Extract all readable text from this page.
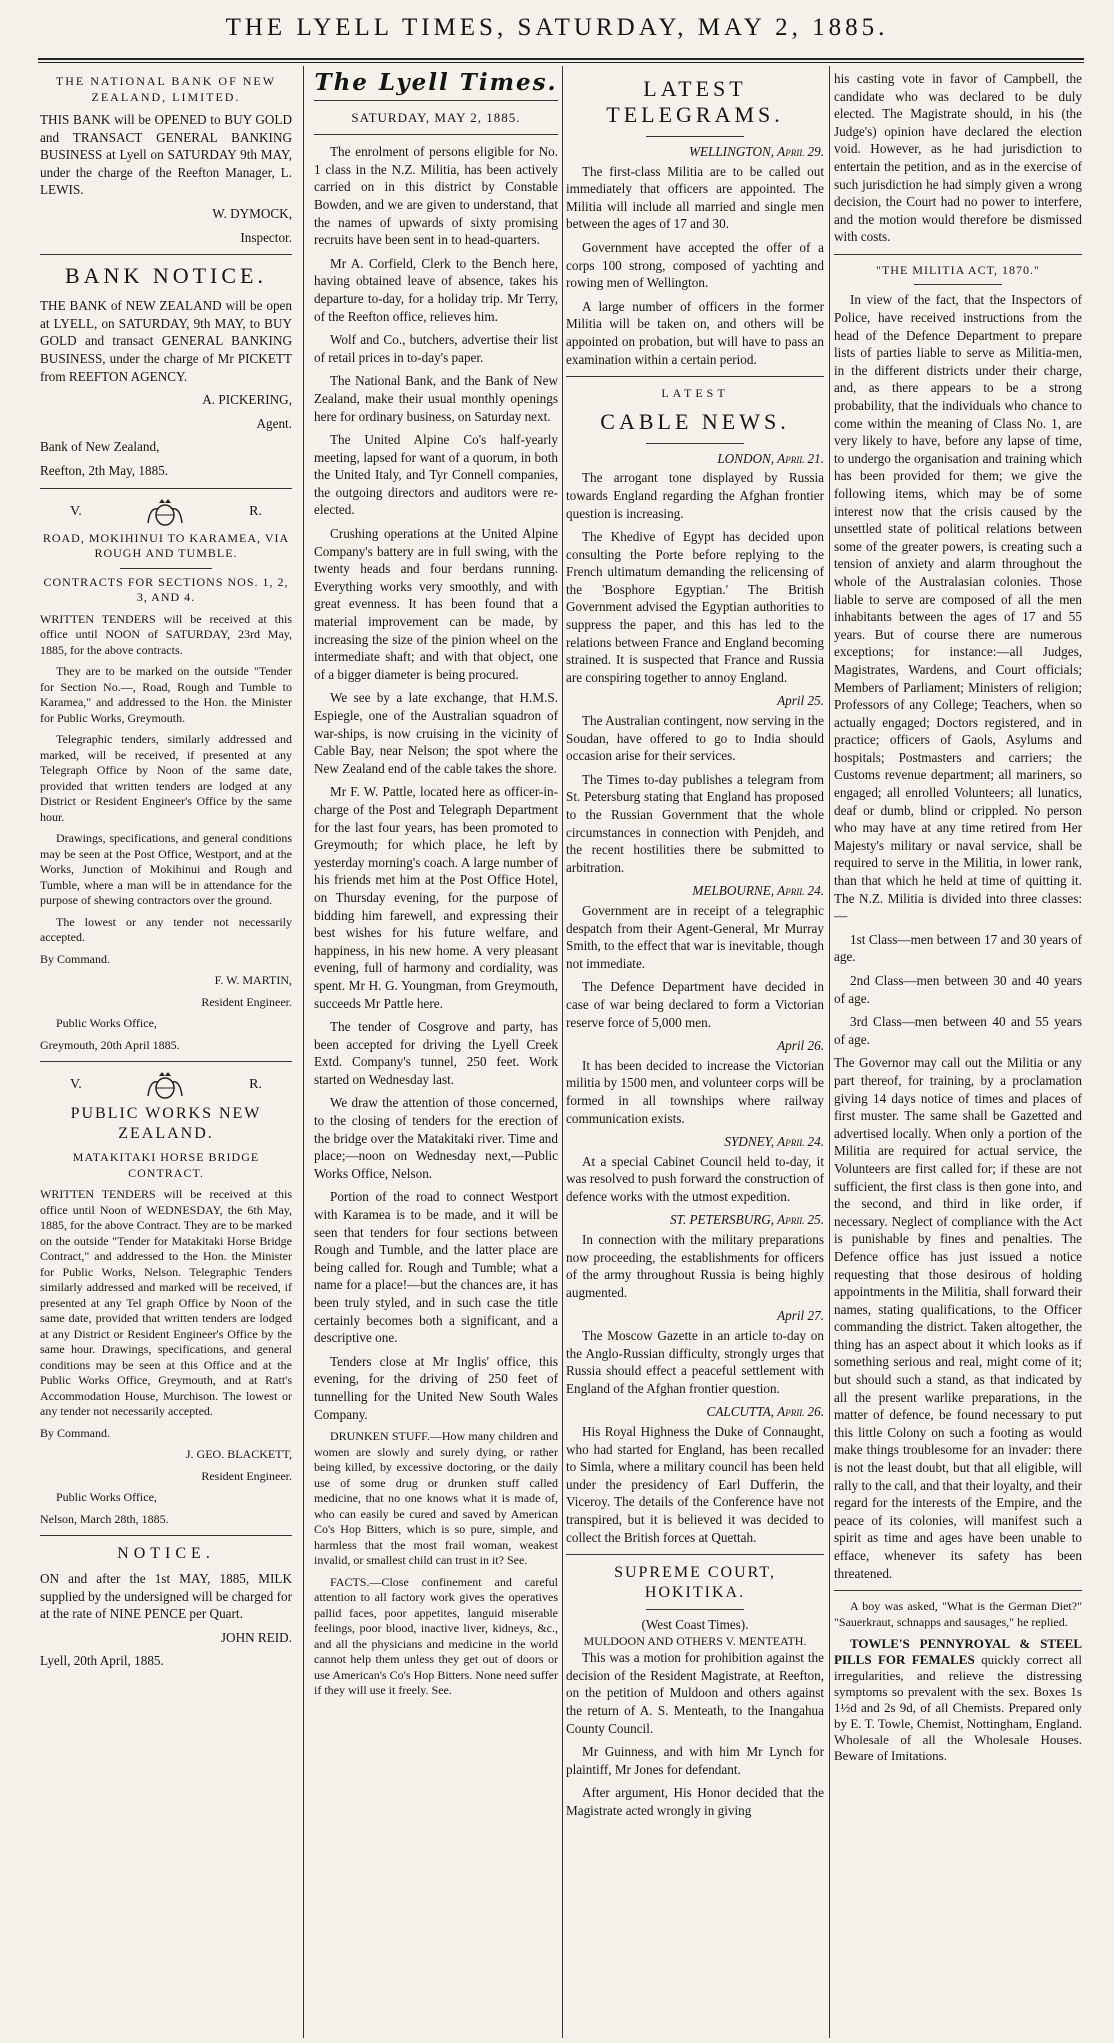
THE LYELL TIMES, SATURDAY, MAY 2, 1885.
THE NATIONAL BANK OF NEW ZEALAND, LIMITED.

THIS BANK will be OPENED to BUY GOLD and TRANSACT GENERAL BANKING BUSINESS at Lyell on SATURDAY 9th MAY, under the charge of the Reefton Manager, L. LEWIS.

W. DYMOCK,

Inspector.

BANK NOTICE.

THE BANK of NEW ZEALAND will be open at LYELL, on SATURDAY, 9th MAY, to BUY GOLD and transact GENERAL BANKING BUSINESS, under the charge of Mr PICKETT from REEFTON AGENCY.

A. PICKERING,

Agent.

Bank of New Zealand,

Reefton, 2th May, 1885.

V.	R.
ROAD, MOKIHINUI TO KARAMEA, VIA ROUGH AND TUMBLE.
CONTRACTS FOR SECTIONS NOS. 1, 2, 3, AND 4.

WRITTEN TENDERS will be received at this office until NOON of SATURDAY, 23rd May, 1885, for the above contracts.

They are to be marked on the outside "Tender for Section No.—, Road, Rough and Tumble to Karamea," and addressed to the Hon. the Minister for Public Works, Greymouth.

Telegraphic tenders, similarly addressed and marked, will be received, if presented at any Telegraph Office by Noon of the same date, provided that written tenders are lodged at any District or Resident Engineer's Office by the same hour.

Drawings, specifications, and general conditions may be seen at the Post Office, Westport, and at the Works, Junction of Mokihinui and Rough and Tumble, where a man will be in attendance for the purpose of shewing contractors over the ground.

The lowest or any tender not necessarily accepted.

By Command.

F. W. MARTIN,

Resident Engineer.

Public Works Office,

Greymouth, 20th April 1885.

V.	R.
PUBLIC WORKS NEW ZEALAND.
MATAKITAKI HORSE BRIDGE CONTRACT.

WRITTEN TENDERS will be received at this office until Noon of WEDNESDAY, the 6th May, 1885, for the above Contract. They are to be marked on the outside "Tender for Matakitaki Horse Bridge Contract," and addressed to the Hon. the Minister for Public Works, Nelson. Telegraphic Tenders similarly addressed and marked will be received, if presented at any Tel graph Office by Noon of the same date, provided that written tenders are lodged at any District or Resident Engineer's Office by the same hour. Drawings, specifications, and general conditions may be seen at this Office and at the Public Works Office, Greymouth, and at Ratt's Accommodation House, Murchison. The lowest or any tender not necessarily accepted.

By Command.

J. GEO. BLACKETT,

Resident Engineer.

Public Works Office,

Nelson, March 28th, 1885.

NOTICE.

ON and after the 1st MAY, 1885, MILK supplied by the undersigned will be charged for at the rate of NINE PENCE per Quart.

JOHN REID.

Lyell, 20th April, 1885.

The Lyell Times.
SATURDAY, MAY 2, 1885.

The enrolment of persons eligible for No. 1 class in the N.Z. Militia, has been actively carried on in this district by Constable Bowden, and we are given to understand, that the names of upwards of sixty promising recruits have been sent in to head-quarters.

Mr A. Corfield, Clerk to the Bench here, having obtained leave of absence, takes his departure to-day, for a holiday trip. Mr Terry, of the Reefton office, relieves him.

Wolf and Co., butchers, advertise their list of retail prices in to-day's paper.

The National Bank, and the Bank of New Zealand, make their usual monthly openings here for ordinary business, on Saturday next.

The United Alpine Co's half-yearly meeting, lapsed for want of a quorum, in both the United Italy, and Tyr Connell companies, the outgoing directors and auditors were re-elected.

Crushing operations at the United Alpine Company's battery are in full swing, with the twenty heads and four berdans running. Everything works very smoothly, and with great evenness. It has been found that a material improvement can be made, by increasing the size of the pinion wheel on the intermediate shaft; and with that object, one of a bigger diameter is being procured.

We see by a late exchange, that H.M.S. Espiegle, one of the Australian squadron of war-ships, is now cruising in the vicinity of Cable Bay, near Nelson; the spot where the New Zealand end of the cable takes the shore.

Mr F. W. Pattle, located here as officer-in-charge of the Post and Telegraph Department for the last four years, has been promoted to Greymouth; for which place, he left by yesterday morning's coach. A large number of his friends met him at the Post Office Hotel, on Thursday evening, for the purpose of bidding him farewell, and expressing their best wishes for his future welfare, and happiness, in his new home. A very pleasant evening, full of harmony and cordiality, was spent. Mr H. G. Youngman, from Greymouth, succeeds Mr Pattle here.

The tender of Cosgrove and party, has been accepted for driving the Lyell Creek Extd. Company's tunnel, 250 feet. Work started on Wednesday last.

We draw the attention of those concerned, to the closing of tenders for the erection of the bridge over the Matakitaki river. Time and place;—noon on Wednesday next,—Public Works Office, Nelson.

Portion of the road to connect Westport with Karamea is to be made, and it will be seen that tenders for four sections between Rough and Tumble, and the latter place are being called for. Rough and Tumble; what a name for a place!—but the chances are, it has been truly styled, and in such case the title certainly becomes both a significant, and a descriptive one.

Tenders close at Mr Inglis' office, this evening, for the driving of 250 feet of tunnelling for the United New South Wales Company.

DRUNKEN STUFF.—How many children and women are slowly and surely dying, or rather being killed, by excessive doctoring, or the daily use of some drug or drunken stuff called medicine, that no one knows what it is made of, who can easily be cured and saved by American Co's Hop Bitters, which is so pure, simple, and harmless that the most frail woman, weakest invalid, or smallest child can trust in it? See.

FACTS.—Close confinement and careful attention to all factory work gives the operatives pallid faces, poor appetites, languid miserable feelings, poor blood, inactive liver, kidneys, &c., and all the physicians and medicine in the world cannot help them unless they get out of doors or use American's Co's Hop Bitters. None need suffer if they will use it freely. See.

LATEST TELEGRAMS.

WELLINGTON, April 29.

The first-class Militia are to be called out immediately that officers are appointed. The Militia will include all married and single men between the ages of 17 and 30.

Government have accepted the offer of a corps 100 strong, composed of yachting and rowing men of Wellington.

A large number of officers in the former Militia will be taken on, and others will be appointed on probation, but will have to pass an examination within a certain period.

LATEST
CABLE NEWS.

LONDON, April 21.

The arrogant tone displayed by Russia towards England regarding the Afghan frontier question is increasing.

The Khedive of Egypt has decided upon consulting the Porte before replying to the French ultimatum demanding the relicensing of the 'Bosphore Egyptian.' The British Government advised the Egyptian authorities to suppress the paper, and this has led to the relations between France and England becoming strained. It is suspected that France and Russia are conspiring together to annoy England.

April 25.

The Australian contingent, now serving in the Soudan, have offered to go to India should occasion arise for their services.

The Times to-day publishes a telegram from St. Petersburg stating that England has proposed to the Russian Government that the whole circumstances in connection with Penjdeh, and the recent hostilities there be submitted to arbitration.

MELBOURNE, April 24.

Government are in receipt of a telegraphic despatch from their Agent-General, Mr Murray Smith, to the effect that war is inevitable, though not immediate.

The Defence Department have decided in case of war being declared to form a Victorian reserve force of 5,000 men.

April 26.

It has been decided to increase the Victorian militia by 1500 men, and volunteer corps will be formed in all townships where railway communication exists.

SYDNEY, April 24.

At a special Cabinet Council held to-day, it was resolved to push forward the construction of defence works with the utmost expedition.

ST. PETERSBURG, April 25.

In connection with the military preparations now proceeding, the establishments for officers of the army throughout Russia is being highly augmented.

April 27.

The Moscow Gazette in an article to-day on the Anglo-Russian difficulty, strongly urges that Russia should effect a peaceful settlement with England of the Afghan frontier question.

CALCUTTA, April 26.

His Royal Highness the Duke of Connaught, who had started for England, has been recalled to Simla, where a military council has been held under the presidency of Earl Dufferin, the Viceroy. The details of the Conference have not transpired, but it is believed it was decided to collect the British forces at Quettah.

SUPREME COURT, HOKITIKA.
(West Coast Times).
MULDOON AND OTHERS V. MENTEATH.

This was a motion for prohibition against the decision of the Resident Magistrate, at Reefton, on the petition of Muldoon and others against the return of A. S. Menteath, to the Inangahua County Council.

Mr Guinness, and with him Mr Lynch for plaintiff, Mr Jones for defendant.

After argument, His Honor decided that the Magistrate acted wrongly in giving

his casting vote in favor of Campbell, the candidate who was declared to be duly elected. The Magistrate should, in his (the Judge's) opinion have declared the election void. However, as he had jurisdiction to entertain the petition, and as in the exercise of such jurisdiction he had simply given a wrong decision, the Court had no power to interfere, and the motion would therefore be dismissed with costs.

"THE MILITIA ACT, 1870."

In view of the fact, that the Inspectors of Police, have received instructions from the head of the Defence Department to prepare lists of parties liable to serve as Militia-men, in the different districts under their charge, and, as there appears to be a strong probability, that the individuals who chance to come within the meaning of Class No. 1, are very likely to have, before any lapse of time, to undergo the organisation and training which has been provided for them; we give the following items, which may be of some interest now that the crisis caused by the unsettled state of political relations between some of the greater powers, is creating such a tension of anxiety and alarm throughout the whole of the Australasian colonies. Those liable to serve are composed of all the men inhabitants between the ages of 17 and 55 years. But of course there are numerous exceptions; for instance:—all Judges, Magistrates, Wardens, and Court officials; Members of Parliament; Ministers of religion; Professors of any College; Teachers, when so actually engaged; Doctors registered, and in practice; officers of Gaols, Asylums and hospitals; Postmasters and carriers; the Customs revenue department; all mariners, so engaged; all enrolled Volunteers; all lunatics, deaf or dumb, blind or crippled. No person who may have at any time retired from Her Majesty's military or naval service, shall be required to serve in the Militia, in lower rank, than that which he held at time of quitting it. The N.Z. Militia is divided into three classes:—

1st Class—men between 17 and 30 years of age.

2nd Class—men between 30 and 40 years of age.

3rd Class—men between 40 and 55 years of age.

The Governor may call out the Militia or any part thereof, for training, by a proclamation giving 14 days notice of times and places of first muster. The same shall be Gazetted and advertised locally. When only a portion of the Militia are required for actual service, the Volunteers are first called for; if these are not sufficient, the first class is then gone into, and the second, and third in like order, if necessary. Neglect of compliance with the Act is punishable by fines and penalties. The Defence office has just issued a notice requesting that those desirous of holding appointments in the Militia, shall forward their names, stating qualifications, to the Officer commanding the district. Taken altogether, the thing has an aspect about it which looks as if something serious and real, might come of it; but should such a stand, as that indicated by all the present warlike preparations, in the matter of defence, be found necessary to put this little Colony on such a footing as would make things troublesome for an invader: there is not the least doubt, but that all eligible, will rally to the call, and that their loyalty, and their regard for the interests of the Empire, and the peace of its colonies, will manifest such a spirit as time and ages have been unable to efface, whenever its safety has been threatened.

A boy was asked, "What is the German Diet?" "Sauerkraut, schnapps and sausages," he replied.

TOWLE'S PENNYROYAL & STEEL PILLS FOR FEMALES quickly correct all irregularities, and relieve the distressing symptoms so prevalent with the sex. Boxes 1s 1½d and 2s 9d, of all Chemists. Prepared only by E. T. Towle, Chemist, Nottingham, England. Wholesale of all the Wholesale Houses. Beware of Imitations.
